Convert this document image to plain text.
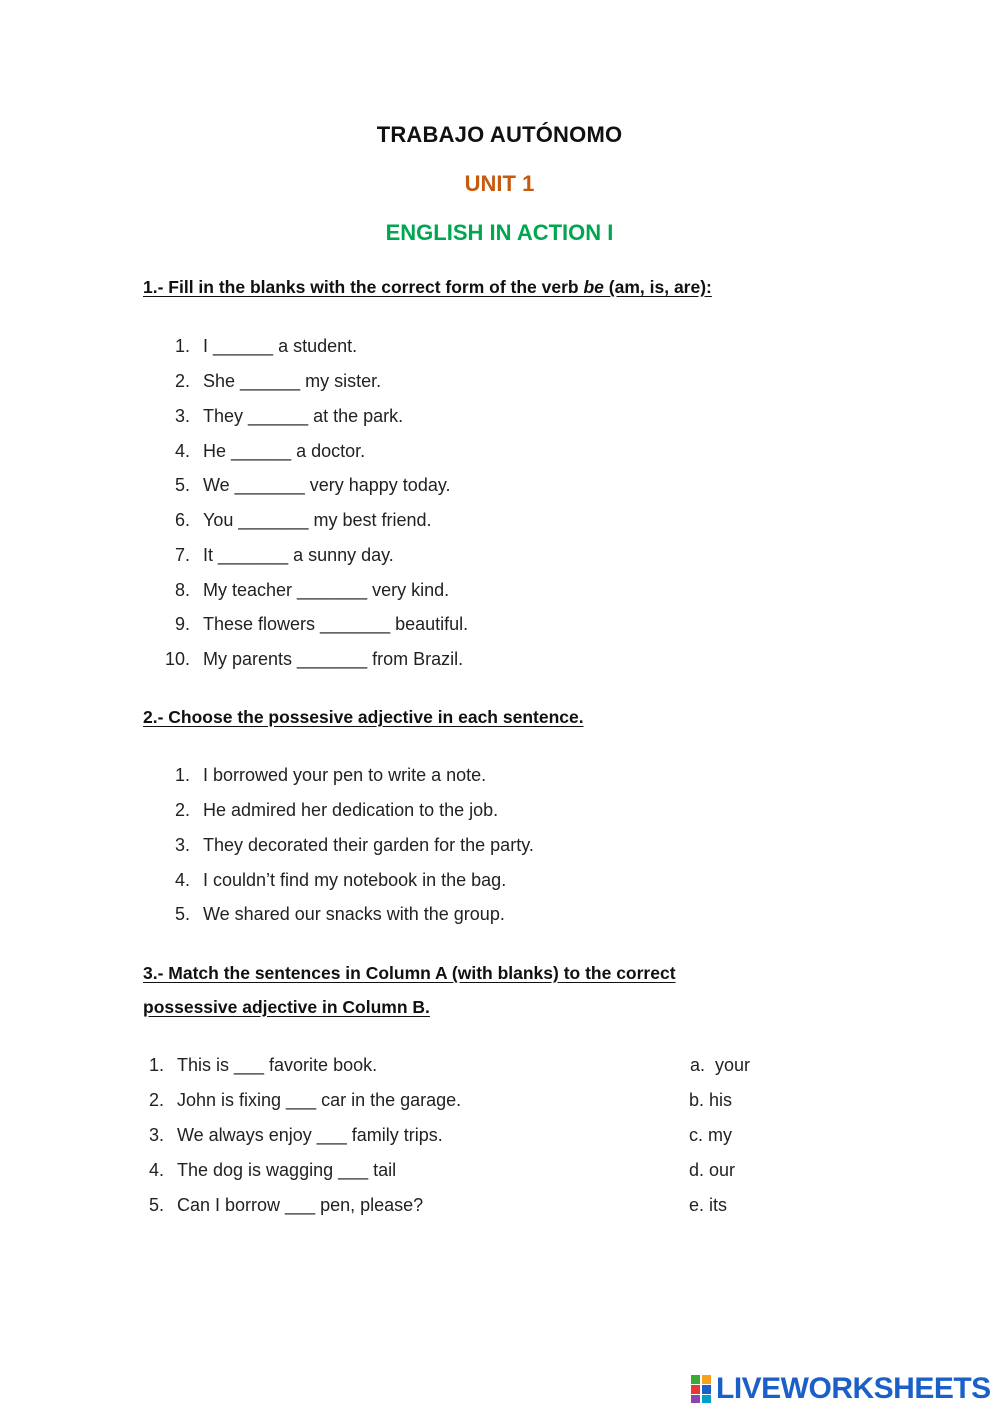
TRABAJO AUTÓNOMO
UNIT 1
ENGLISH IN ACTION I
1.- Fill in the blanks with the correct form of the verb be (am, is, are):
1. I ______ a student.
2. She ______ my sister.
3. They ______ at the park.
4. He ______ a doctor.
5. We _______ very happy today.
6. You _______ my best friend.
7. It _______ a sunny day.
8. My teacher _______ very kind.
9. These flowers _______ beautiful.
10. My parents _______ from Brazil.
2.- Choose the possesive adjective in each sentence.
1. I borrowed your pen to write a note.
2. He admired her dedication to the job.
3. They decorated their garden for the party.
4. I couldn’t find my notebook in the bag.
5. We shared our snacks with the group.
3.- Match the sentences in Column A (with blanks) to the correct
possessive adjective in Column B.
1. This is ___ favorite book.
2. John is fixing ___ car in the garage.
3. We always enjoy ___ family trips.
4. The dog is wagging ___ tail
5. Can I borrow ___ pen, please?
a.  your
b. his
c. my
d. our
e. its
LIVEWORKSHEETS
